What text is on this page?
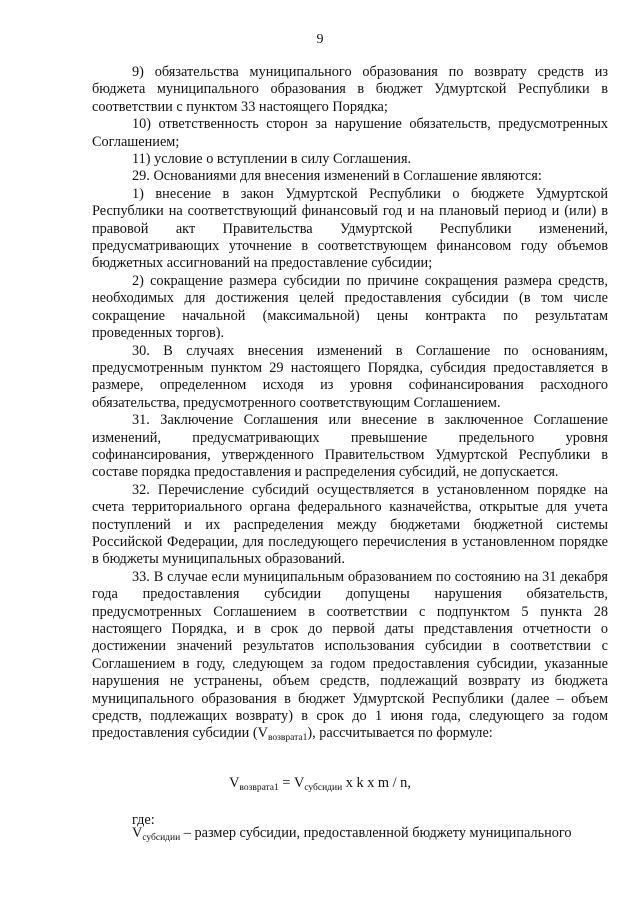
9

9) обязательства муниципального образования по возврату средств из бюджета муниципального образования в бюджет Удмуртской Республики в соответствии с пунктом 33 настоящего Порядка;

10) ответственность сторон за нарушение обязательств, предусмотренных Соглашением;

11) условие о вступлении в силу Соглашения.

29. Основаниями для внесения изменений в Соглашение являются:

1) внесение в закон Удмуртской Республики о бюджете Удмуртской Республики на соответствующий финансовый год и на плановый период и (или) в правовой акт Правительства Удмуртской Республики изменений, предусматривающих уточнение в соответствующем финансовом году объемов бюджетных ассигнований на предоставление субсидии;

2) сокращение размера субсидии по причине сокращения размера средств, необходимых для достижения целей предоставления субсидии (в том числе сокращение начальной (максимальной) цены контракта по результатам проведенных торгов).

30. В случаях внесения изменений в Соглашение по основаниям, предусмотренным пунктом 29 настоящего Порядка, субсидия предоставляется в размере, определенном исходя из уровня софинансирования расходного обязательства, предусмотренного соответствующим Соглашением.

31. Заключение Соглашения или внесение в заключенное Соглашение изменений, предусматривающих превышение предельного уровня софинансирования, утвержденного Правительством Удмуртской Республики в составе порядка предоставления и распределения субсидий, не допускается.

32. Перечисление субсидий осуществляется в установленном порядке на счета территориального органа федерального казначейства, открытые для учета поступлений и их распределения между бюджетами бюджетной системы Российской Федерации, для последующего перечисления в установленном порядке в бюджеты муниципальных образований.

33. В случае если муниципальным образованием по состоянию на 31 декабря года предоставления субсидии допущены нарушения обязательств, предусмотренных Соглашением в соответствии с подпунктом 5 пункта 28 настоящего Порядка, и в срок до первой даты представления отчетности о достижении значений результатов использования субсидии в соответствии с Соглашением в году, следующем за годом предоставления субсидии, указанные нарушения не устранены, объем средств, подлежащий возврату из бюджета муниципального образования в бюджет Удмуртской Республики (далее – объем средств, подлежащих возврату) в срок до 1 июня года, следующего за годом предоставления субсидии $(V_{возврата1})$, рассчитывается по формуле:

$V_{возврата1} = V_{субсидии}$ x k x m / n,
где:
$V_{субсидии}$ – размер субсидии, предоставленной бюджету муниципального
